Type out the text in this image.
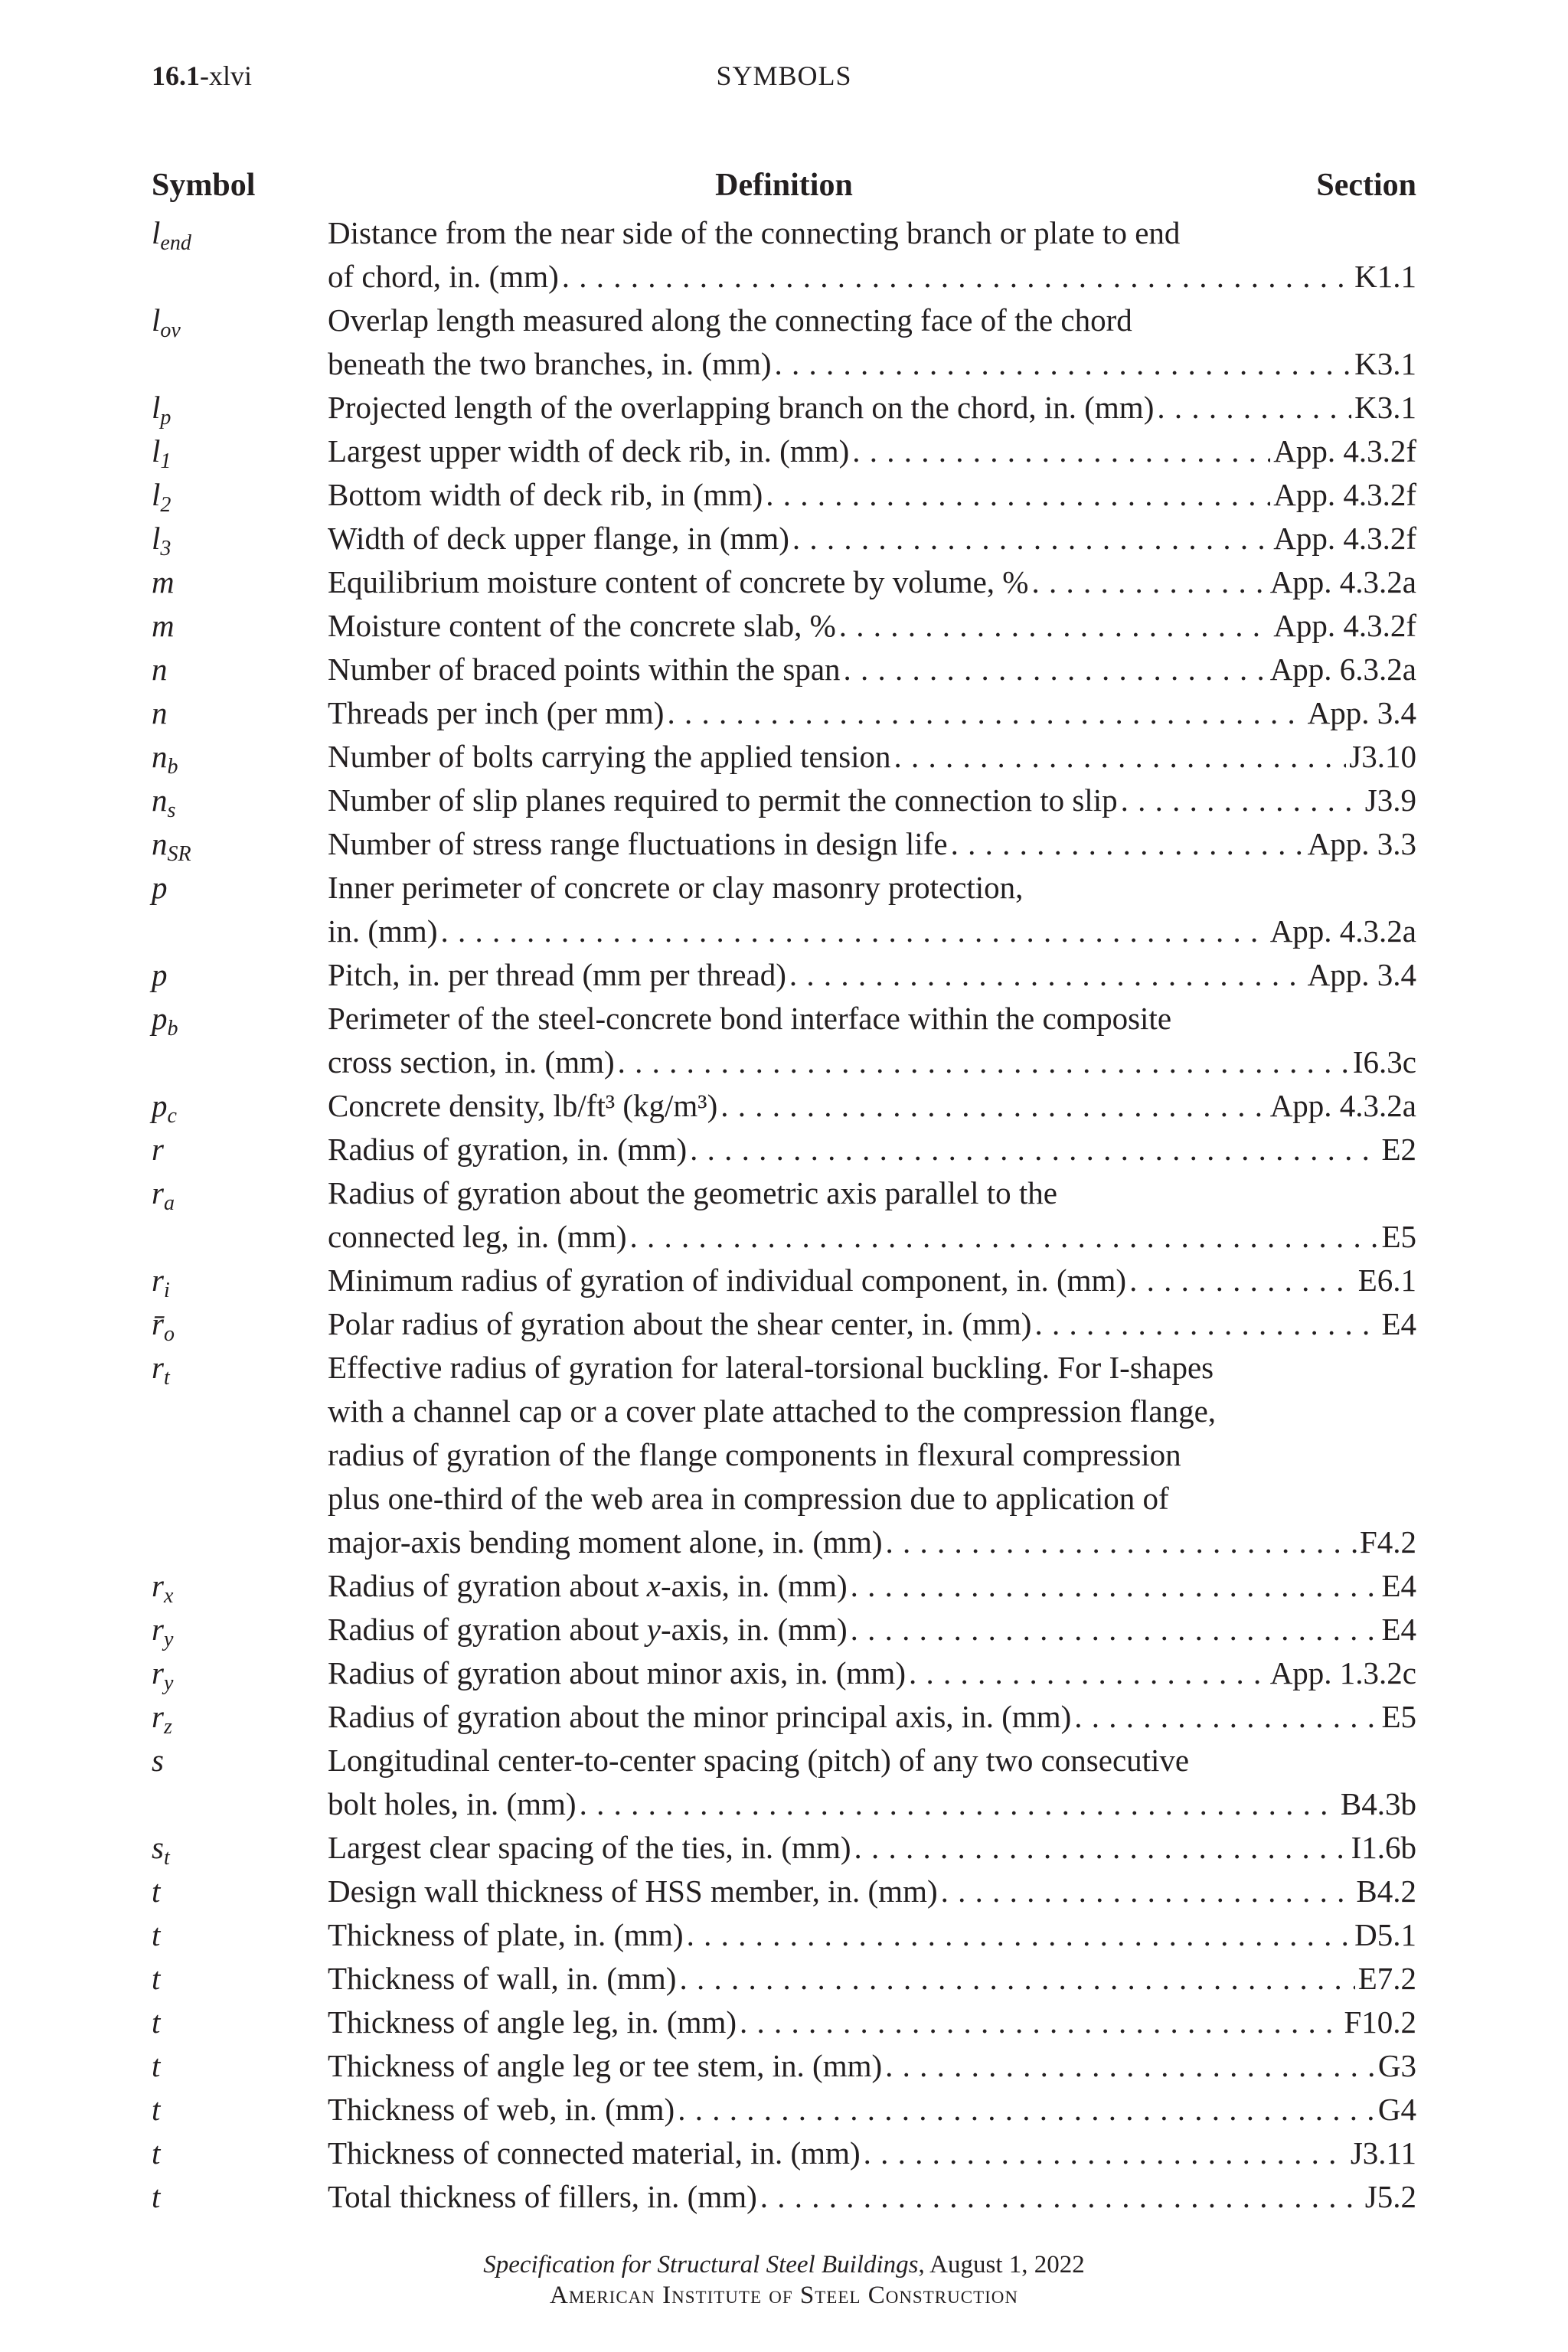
16.1-xlvi	SYMBOLS
Symbol	Definition	Section
$l_{end}$	Distance from the near side of the connecting branch or plate to end
of chord, in. (mm) . . .	K1.1
$l_{ov}$	Overlap length measured along the connecting face of the chord
beneath the two branches, in. (mm) . . .	K3.1
$l_p$	Projected length of the overlapping branch on the chord, in. (mm) . . .	K3.1
$l_1$	Largest upper width of deck rib, in. (mm) . . .	App. 4.3.2f
$l_2$	Bottom width of deck rib, in (mm) . . .	App. 4.3.2f
$l_3$	Width of deck upper flange, in (mm) . . .	App. 4.3.2f
m	Equilibrium moisture content of concrete by volume, % . . .	App. 4.3.2a
m	Moisture content of the concrete slab, % . . .	App. 4.3.2f
n	Number of braced points within the span . . .	App. 6.3.2a
n	Threads per inch (per mm) . . .	App. 3.4
$n_b$	Number of bolts carrying the applied tension . . .	J3.10
$n_s$	Number of slip planes required to permit the connection to slip . . .	J3.9
$n_{SR}$	Number of stress range fluctuations in design life . . .	App. 3.3
p	Inner perimeter of concrete or clay masonry protection,
in. (mm) . . .	App. 4.3.2a
p	Pitch, in. per thread (mm per thread) . . .	App. 3.4
$p_b$	Perimeter of the steel-concrete bond interface within the composite
cross section, in. (mm) . . .	I6.3c
$p_c$	Concrete density, lb/ft³ (kg/m³) . . .	App. 4.3.2a
r	Radius of gyration, in. (mm) . . .	E2
$r_a$	Radius of gyration about the geometric axis parallel to the
connected leg, in. (mm) . . .	E5
$r_i$	Minimum radius of gyration of individual component, in. (mm) . . .	E6.1
$r̄_o$	Polar radius of gyration about the shear center, in. (mm) . . .	E4
$r_t$	Effective radius of gyration for lateral-torsional buckling. For I-shapes
with a channel cap or a cover plate attached to the compression flange,
radius of gyration of the flange components in flexural compression
plus one-third of the web area in compression due to application of
major-axis bending moment alone, in. (mm) . . .	F4.2
$r_x$	Radius of gyration about x-axis, in. (mm) . . .	E4
$r_y$	Radius of gyration about y-axis, in. (mm) . . .	E4
$r_y$	Radius of gyration about minor axis, in. (mm) . . .	App. 1.3.2c
$r_z$	Radius of gyration about the minor principal axis, in. (mm) . . .	E5
s	Longitudinal center-to-center spacing (pitch) of any two consecutive
bolt holes, in. (mm) . . .	B4.3b
$s_t$	Largest clear spacing of the ties, in. (mm) . . .	I1.6b
t	Design wall thickness of HSS member, in. (mm) . . .	B4.2
t	Thickness of plate, in. (mm) . . .	D5.1
t	Thickness of wall, in. (mm) . . .	E7.2
t	Thickness of angle leg, in. (mm) . . .	F10.2
t	Thickness of angle leg or tee stem, in. (mm) . . .	G3
t	Thickness of web, in. (mm) . . .	G4
t	Thickness of connected material, in. (mm) . . .	J3.11
t	Total thickness of fillers, in. (mm) . . .	J5.2
Specification for Structural Steel Buildings, August 1, 2022
American Institute of Steel Construction
